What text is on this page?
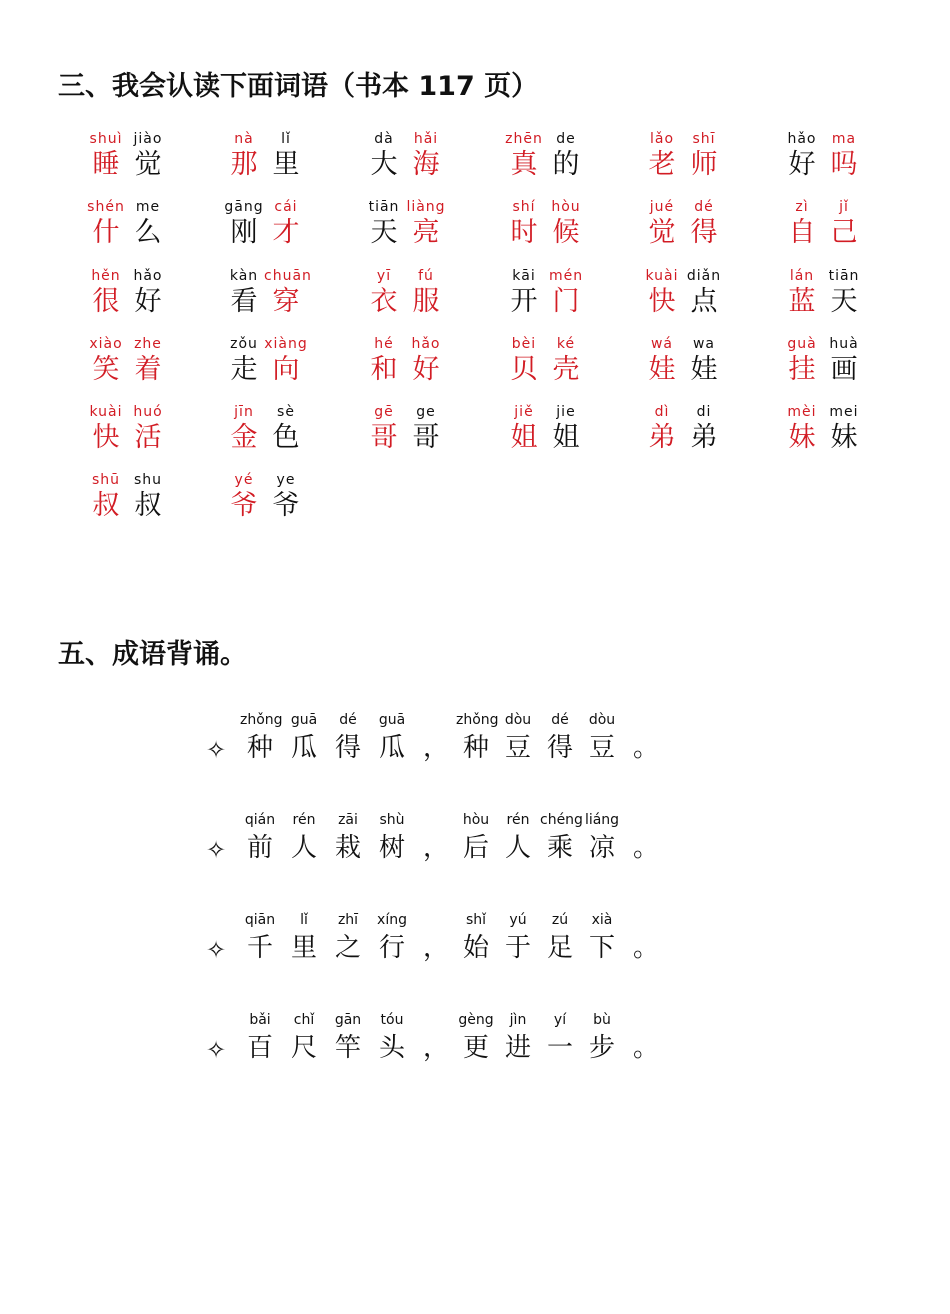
三、我会认读下面词语（书本 117 页）
shuì
睡
jiào
觉
nà
那
lǐ
里
dà
大
hǎi
海
zhēn
真
de
的
lǎo
老
shī
师
hǎo
好
ma
吗
shén
什
me
么
gāng
刚
cái
才
tiān
天
liàng
亮
shí
时
hòu
候
jué
觉
dé
得
zì
自
jǐ
己
hěn
很
hǎo
好
kàn
看
chuān
穿
yī
衣
fú
服
kāi
开
mén
门
kuài
快
diǎn
点
lán
蓝
tiān
天
xiào
笑
zhe
着
zǒu
走
xiàng
向
hé
和
hǎo
好
bèi
贝
ké
壳
wá
娃
wa
娃
guà
挂
huà
画
kuài
快
huó
活
jīn
金
sè
色
gē
哥
ge
哥
jiě
姐
jie
姐
dì
弟
di
弟
mèi
妹
mei
妹
shū
叔
shu
叔
yé
爷
ye
爷
五、成语背诵。
✧
zhǒng
种
guā
瓜
dé
得
guā
瓜 ，
zhǒng
种
dòu
豆
dé
得
dòu
豆 。
✧
qián
前
rén
人
zāi
栽
shù
树 ，
hòu
后
rén
人
chéng
乘
liáng
凉 。
✧
qiān
千
lǐ
里
zhī
之
xíng
行 ，
shǐ
始
yú
于
zú
足
xià
下 。
✧
bǎi
百
chǐ
尺
gān
竿
tóu
头 ，
gèng
更
jìn
进
yí
一
bù
步 。
